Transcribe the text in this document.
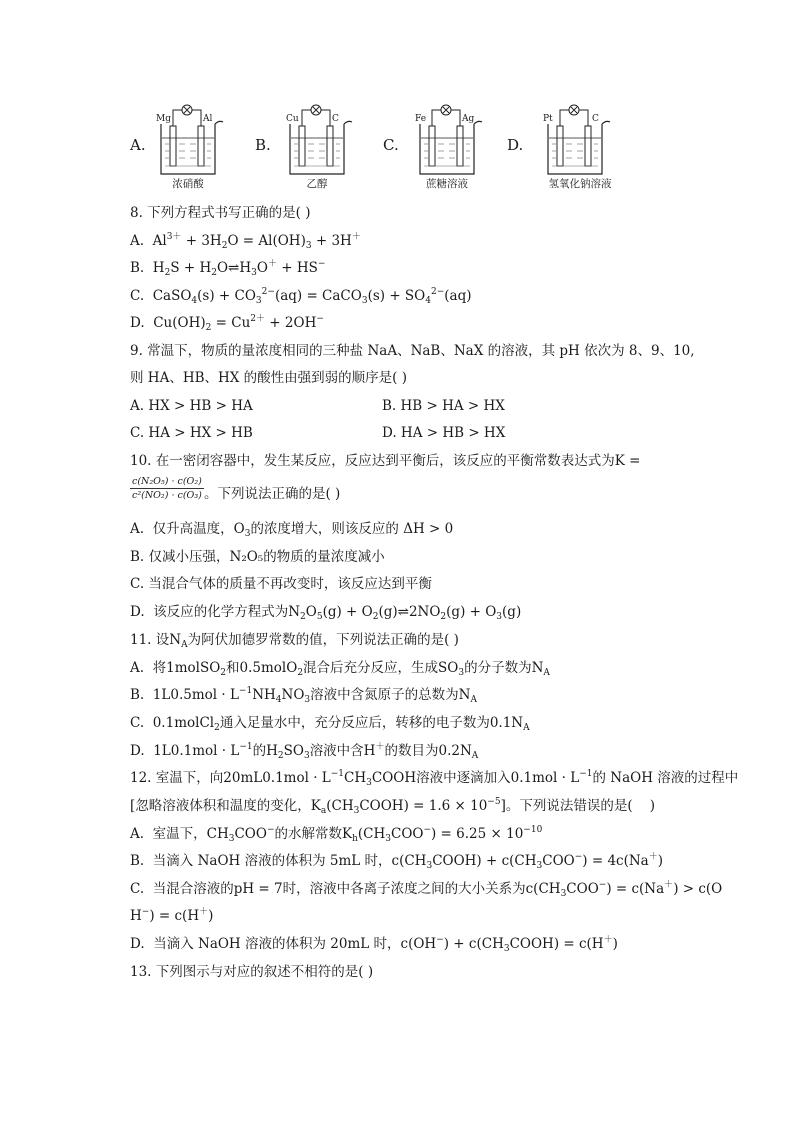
A.
Mg	Al
浓硝酸
B.
Cu	C
乙醇
C.
Fe	Ag
蔗糖溶液
D.
Pt	C
氢氧化钠溶液
8. 下列方程式书写正确的是( )
A.  $Al^{3+} + 3H_2O = Al(OH)_3 + 3H^+$
B.  $H_2S$ + $H_2O\rightleftharpoons H_3O^+ + HS^-$
C.  CaSO$_4$(s) + $CO_3^{2-}(aq)$ = CaCO$_3$(s) + $SO_4^{2-}(aq)$
D.  $Cu(OH)_2 = Cu^{2+} + 2OH^-$
9. 常温下，物质的量浓度相同的三种盐 NaA、NaB、NaX 的溶液，其 pH 依次为 8、9、10,
则 HA、HB、HX 的酸性由强到弱的顺序是( )
A. HX > HB > HA	B. HB > HA > HX
C. HA > HX > HB	D. HA > HB > HX
10. 在一密闭容器中，发生某反应，反应达到平衡后，该反应的平衡常数表达式为K =
$\frac{\text{c(N₂O₅) · c(O₂)}}{\text{c²(NO₂) · c(O₃)}}$ 。下列说法正确的是( )
A.  仅升高温度，$O_3$的浓度增大，则该反应的 ΔH > 0
B. 仅减小压强，N₂O₅的物质的量浓度减小
C. 当混合气体的质量不再改变时，该反应达到平衡
D.  该反应的化学方程式为$N_2O_5(g)$ + $O_2(g)\rightleftharpoons 2NO_2(g) + O_3(g)$
11. 设$N_A$为阿伏加德罗常数的值，下列说法正确的是( )
A.  将1molSO$_2$和0.5molO$_2$混合后充分反应，生成$SO_3$的分子数为$N_A$
B.  $1L0.5mol \cdot L^{-1}NH_4NO_3$溶液中含氮原子的总数为$N_A$
C.  0.1molCl$_2$通入足量水中，充分反应后，转移的电子数为$0.1N_A$
D.  $1L0.1mol \cdot L^{-1}$的$H_2SO_3$溶液中含H＋的数目为$0.2N_A$
12. 室温下，向$20mL0.1mol \cdot L^{-1}CH_3COOH$溶液中逐滴加入$0.1mol \cdot L^{-1}$的 NaOH 溶液的过程中
[忽略溶液体积和温度的变化，$K_a(CH_3COOH) = 1.6 \times 10^{-5}$]。下列说法错误的是(    )
A.  室温下，$CH_3COO^-$的水解常数$K_h(CH_3COO^-) = 6.25 \times 10^{-10}$
B.  当滴入 NaOH 溶液的体积为 5mL 时，$c(CH_3COOH) + c(CH_3COO^-) = 4c(Na^+)$
C.  当混合溶液的pH = 7时，溶液中各离子浓度之间的大小关系为$c(CH_3COO^-) = c(Na^+) > c(O$
H−) = c(H＋)
D.  当滴入 NaOH 溶液的体积为 20mL 时，$c(OH^-) + c(CH_3COOH) = c(H^+)$
13. 下列图示与对应的叙述不相符的是( )
